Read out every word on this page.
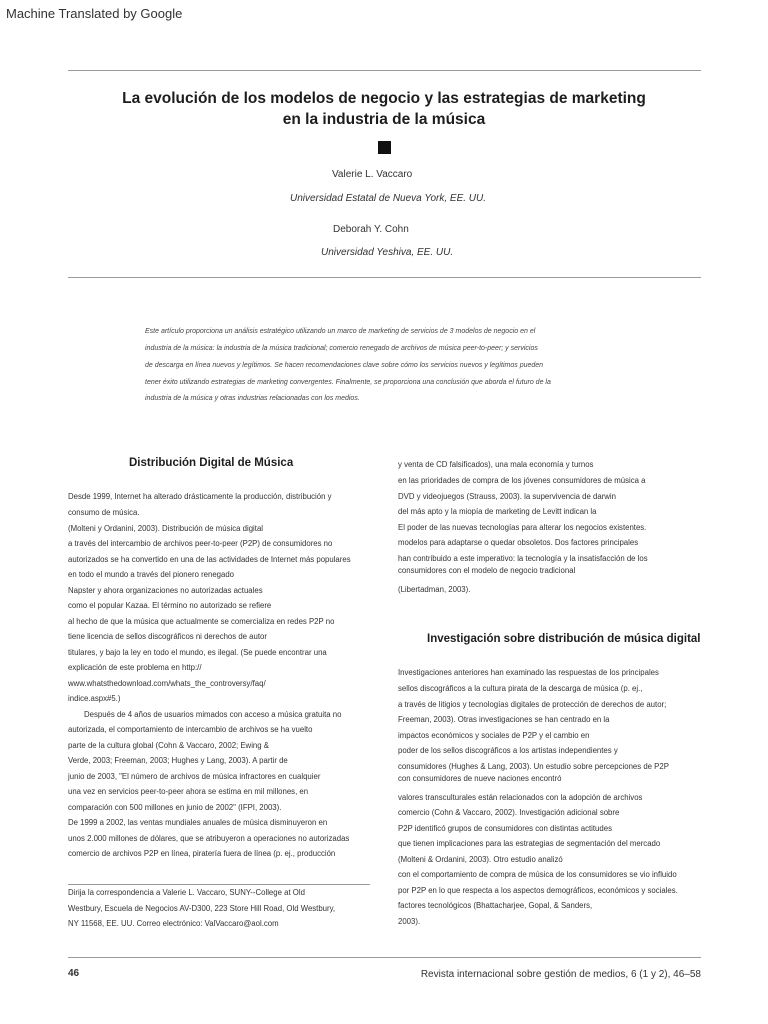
Machine Translated by Google
La evolución de los modelos de negocio y las estrategias de marketing
en la industria de la música
Valerie L. Vaccaro
Universidad Estatal de Nueva York, EE. UU.
Deborah Y. Cohn
Universidad Yeshiva, EE. UU.
Este artículo proporciona un análisis estratégico utilizando un marco de marketing de servicios de 3 modelos de negocio en el
industria de la música: la industria de la música tradicional; comercio renegado de archivos de música peer-to-peer; y servicios
de descarga en línea nuevos y legítimos. Se hacen recomendaciones clave sobre cómo los servicios nuevos y legítimos pueden
tener éxito utilizando estrategias de marketing convergentes. Finalmente, se proporciona una conclusión que aborda el futuro de la
industria de la música y otras industrias relacionadas con los medios.
Distribución Digital de Música
Desde 1999, Internet ha alterado drásticamente la producción, distribución y
consumo de música.
(Molteni y Ordanini, 2003). Distribución de música digital
a través del intercambio de archivos peer-to-peer (P2P) de consumidores no
autorizados se ha convertido en una de las actividades de Internet más populares
en todo el mundo a través del pionero renegado
Napster y ahora organizaciones no autorizadas actuales
como el popular Kazaa. El término no autorizado se refiere
al hecho de que la música que actualmente se comercializa en redes P2P no
tiene licencia de sellos discográficos ni derechos de autor
titulares, y bajo la ley en todo el mundo, es ilegal. (Se puede encontrar una
explicación de este problema en http://
www.whatsthedownload.com/whats_the_controversy/faq/
indice.aspx#5.)
Después de 4 años de usuarios mimados con acceso a música gratuita no
autorizada, el comportamiento de intercambio de archivos se ha vuelto
parte de la cultura global (Cohn & Vaccaro, 2002; Ewing &
Verde, 2003; Freeman, 2003; Hughes y Lang, 2003). A partir de
junio de 2003, "El número de archivos de música infractores en cualquier
una vez en servicios peer-to-peer ahora se estima en mil millones, en
comparación con 500 millones en junio de 2002" (IFPI, 2003).
De 1999 a 2002, las ventas mundiales anuales de música disminuyeron en
unos 2.000 millones de dólares, que se atribuyeron a operaciones no autorizadas
comercio de archivos P2P en línea, piratería fuera de línea (p. ej., producción
Dirija la correspondencia a Valerie L. Vaccaro, SUNY--College at Old
Westbury, Escuela de Negocios AV-D300, 223 Store Hill Road, Old Westbury,
NY 11568, EE. UU. Correo electrónico: ValVaccaro@aol.com
y venta de CD falsificados), una mala economía y turnos
en las prioridades de compra de los jóvenes consumidores de música a
DVD y videojuegos (Strauss, 2003). la supervivencia de darwin
del más apto y la miopía de marketing de Levitt indican la
El poder de las nuevas tecnologías para alterar los negocios existentes.
modelos para adaptarse o quedar obsoletos. Dos factores principales
han contribuido a este imperativo: la tecnología y la insatisfacción de los
consumidores con el modelo de negocio tradicional
(Libertadman, 2003).
Investigación sobre distribución de música digital
Investigaciones anteriores han examinado las respuestas de los principales
sellos discográficos a la cultura pirata de la descarga de música (p. ej.,
a través de litigios y tecnologías digitales de protección de derechos de autor;
Freeman, 2003). Otras investigaciones se han centrado en la
impactos económicos y sociales de P2P y el cambio en
poder de los sellos discográficos a los artistas independientes y
consumidores (Hughes & Lang, 2003). Un estudio sobre percepciones de P2P
con consumidores de nueve naciones encontró
valores transculturales están relacionados con la adopción de archivos
comercio (Cohn & Vaccaro, 2002). Investigación adicional sobre
P2P identificó grupos de consumidores con distintas actitudes
que tienen implicaciones para las estrategias de segmentación del mercado
(Molteni & Ordanini, 2003). Otro estudio analizó
con el comportamiento de compra de música de los consumidores se vio influido
por P2P en lo que respecta a los aspectos demográficos, económicos y sociales.
factores tecnológicos (Bhattacharjee, Gopal, & Sanders,
2003).
46	Revista internacional sobre gestión de medios, 6 (1 y 2), 46–58
